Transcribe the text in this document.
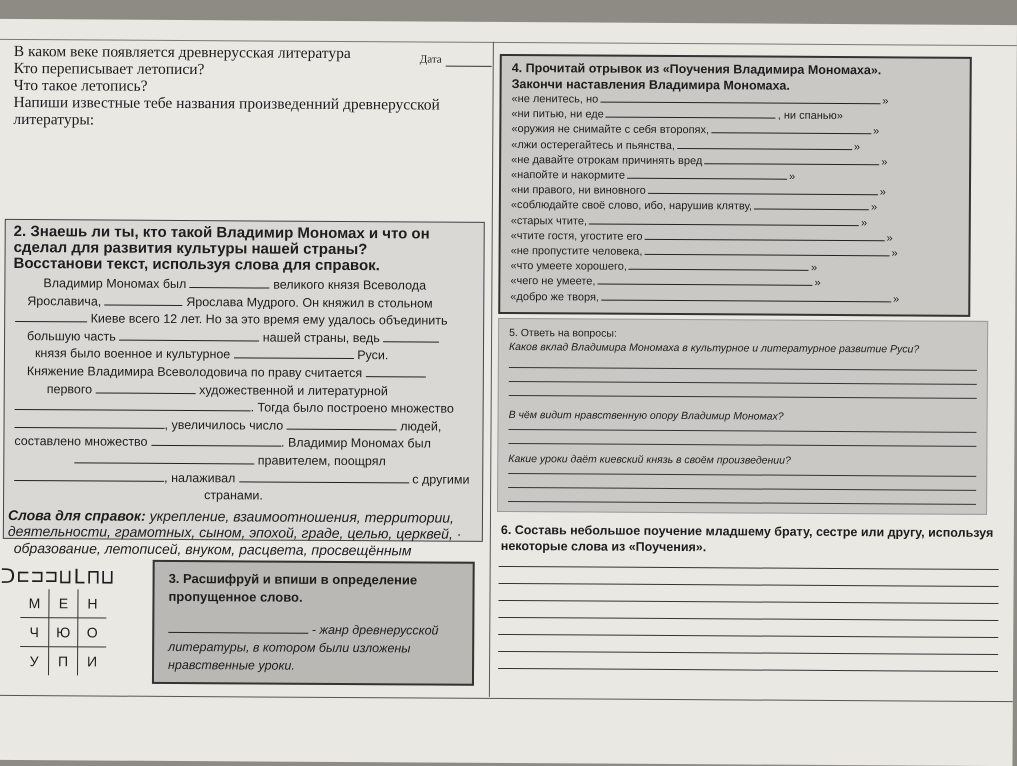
В каком веке появляется древнерусская литература	Дата

Кто переписывает летописи?

Что такое летопись?

Напиши известные тебе названия произведенний древнерусской

литературы:

2. Знаешь ли ты, кто такой Владимир Мономах и что он

сделал для развития культуры нашей страны?

Восстанови текст, используя слова для справок.

Владимир Мономах был	великого князя Всеволода

Ярославича,	Ярослава Мудрого. Он княжил в стольном

Киеве всего 12 лет. Но за это время ему удалось объединить

большую часть	нашей страны, ведь

князя было военное и культурное	Руси.

Княжение Владимира Всеволодовича по праву считается

первого	художественной и литературной

. Тогда было построено множество

, увеличилось число	людей,

составлено множество	. Владимир Мономах был

правителем, поощрял

, налаживал	с другими

странами.

Слова для справок: укрепление, взаимоотношения, территории,

деятельности, грамотных, сыном, эпохой, граде, целью, церквей, ·

образование, летописей, внуком, расцвета, просвещённым

ᑐ⊏⊐⊐⊔L⊓⊔
М	Е	Н
Ч	Ю	О
У	П	И

3. Расшифруй и впиши в определение

пропущенное слово.

- жанр древнерусской

литературы, в котором были изложены

нравственные уроки.

4. Прочитай отрывок из «Поучения Владимира Мономаха».

Закончи наставления Владимира Мономаха.

«не ленитесь, но	»

«ни питью, ни еде	, ни спанью»

«оружия не снимайте с себя второпях,	»

«лжи остерегайтесь и пьянства,	»

«не давайте отрокам причинять вред	»

«напойте и накормите	»

«ни правого, ни виновного	»

«соблюдайте своё слово, ибо, нарушив клятву,	»

«старых чтите,	»

«чтите гостя, угостите его	»

«не пропустите человека,	»

«что умеете хорошего,	»

«чего не умеете,	»

«добро же творя,	»

5. Ответь на вопросы:

Каков вклад Владимира Мономаха в культурное и литературное развитие Руси?

В чём видит нравственную опору Владимир Мономах?

Какие уроки даёт киевский князь в своём произведении?

6. Составь небольшое поучение младшему брату, сестре или другу, используя

некоторые слова из «Поучения».
